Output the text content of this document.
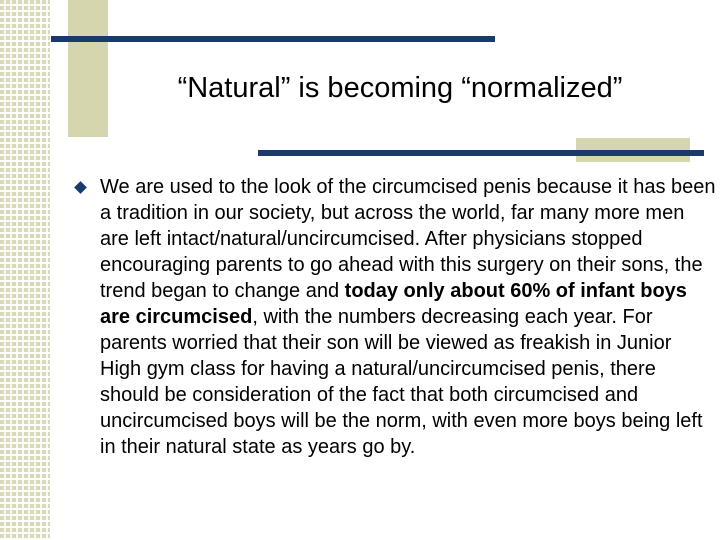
“Natural” is becoming “normalized”

We are used to the look of the circumcised penis because it has been a tradition in our society, but across the world, far many more men are left intact/natural/uncircumcised. After physicians stopped encouraging parents to go ahead with this surgery on their sons, the trend began to change and today only about 60% of infant boys are circumcised, with the numbers decreasing each year. For parents worried that their son will be viewed as freakish in Junior High gym class for having a natural/uncircumcised penis, there should be consideration of the fact that both circumcised and uncircumcised boys will be the norm, with even more boys being left in their natural state as years go by.
